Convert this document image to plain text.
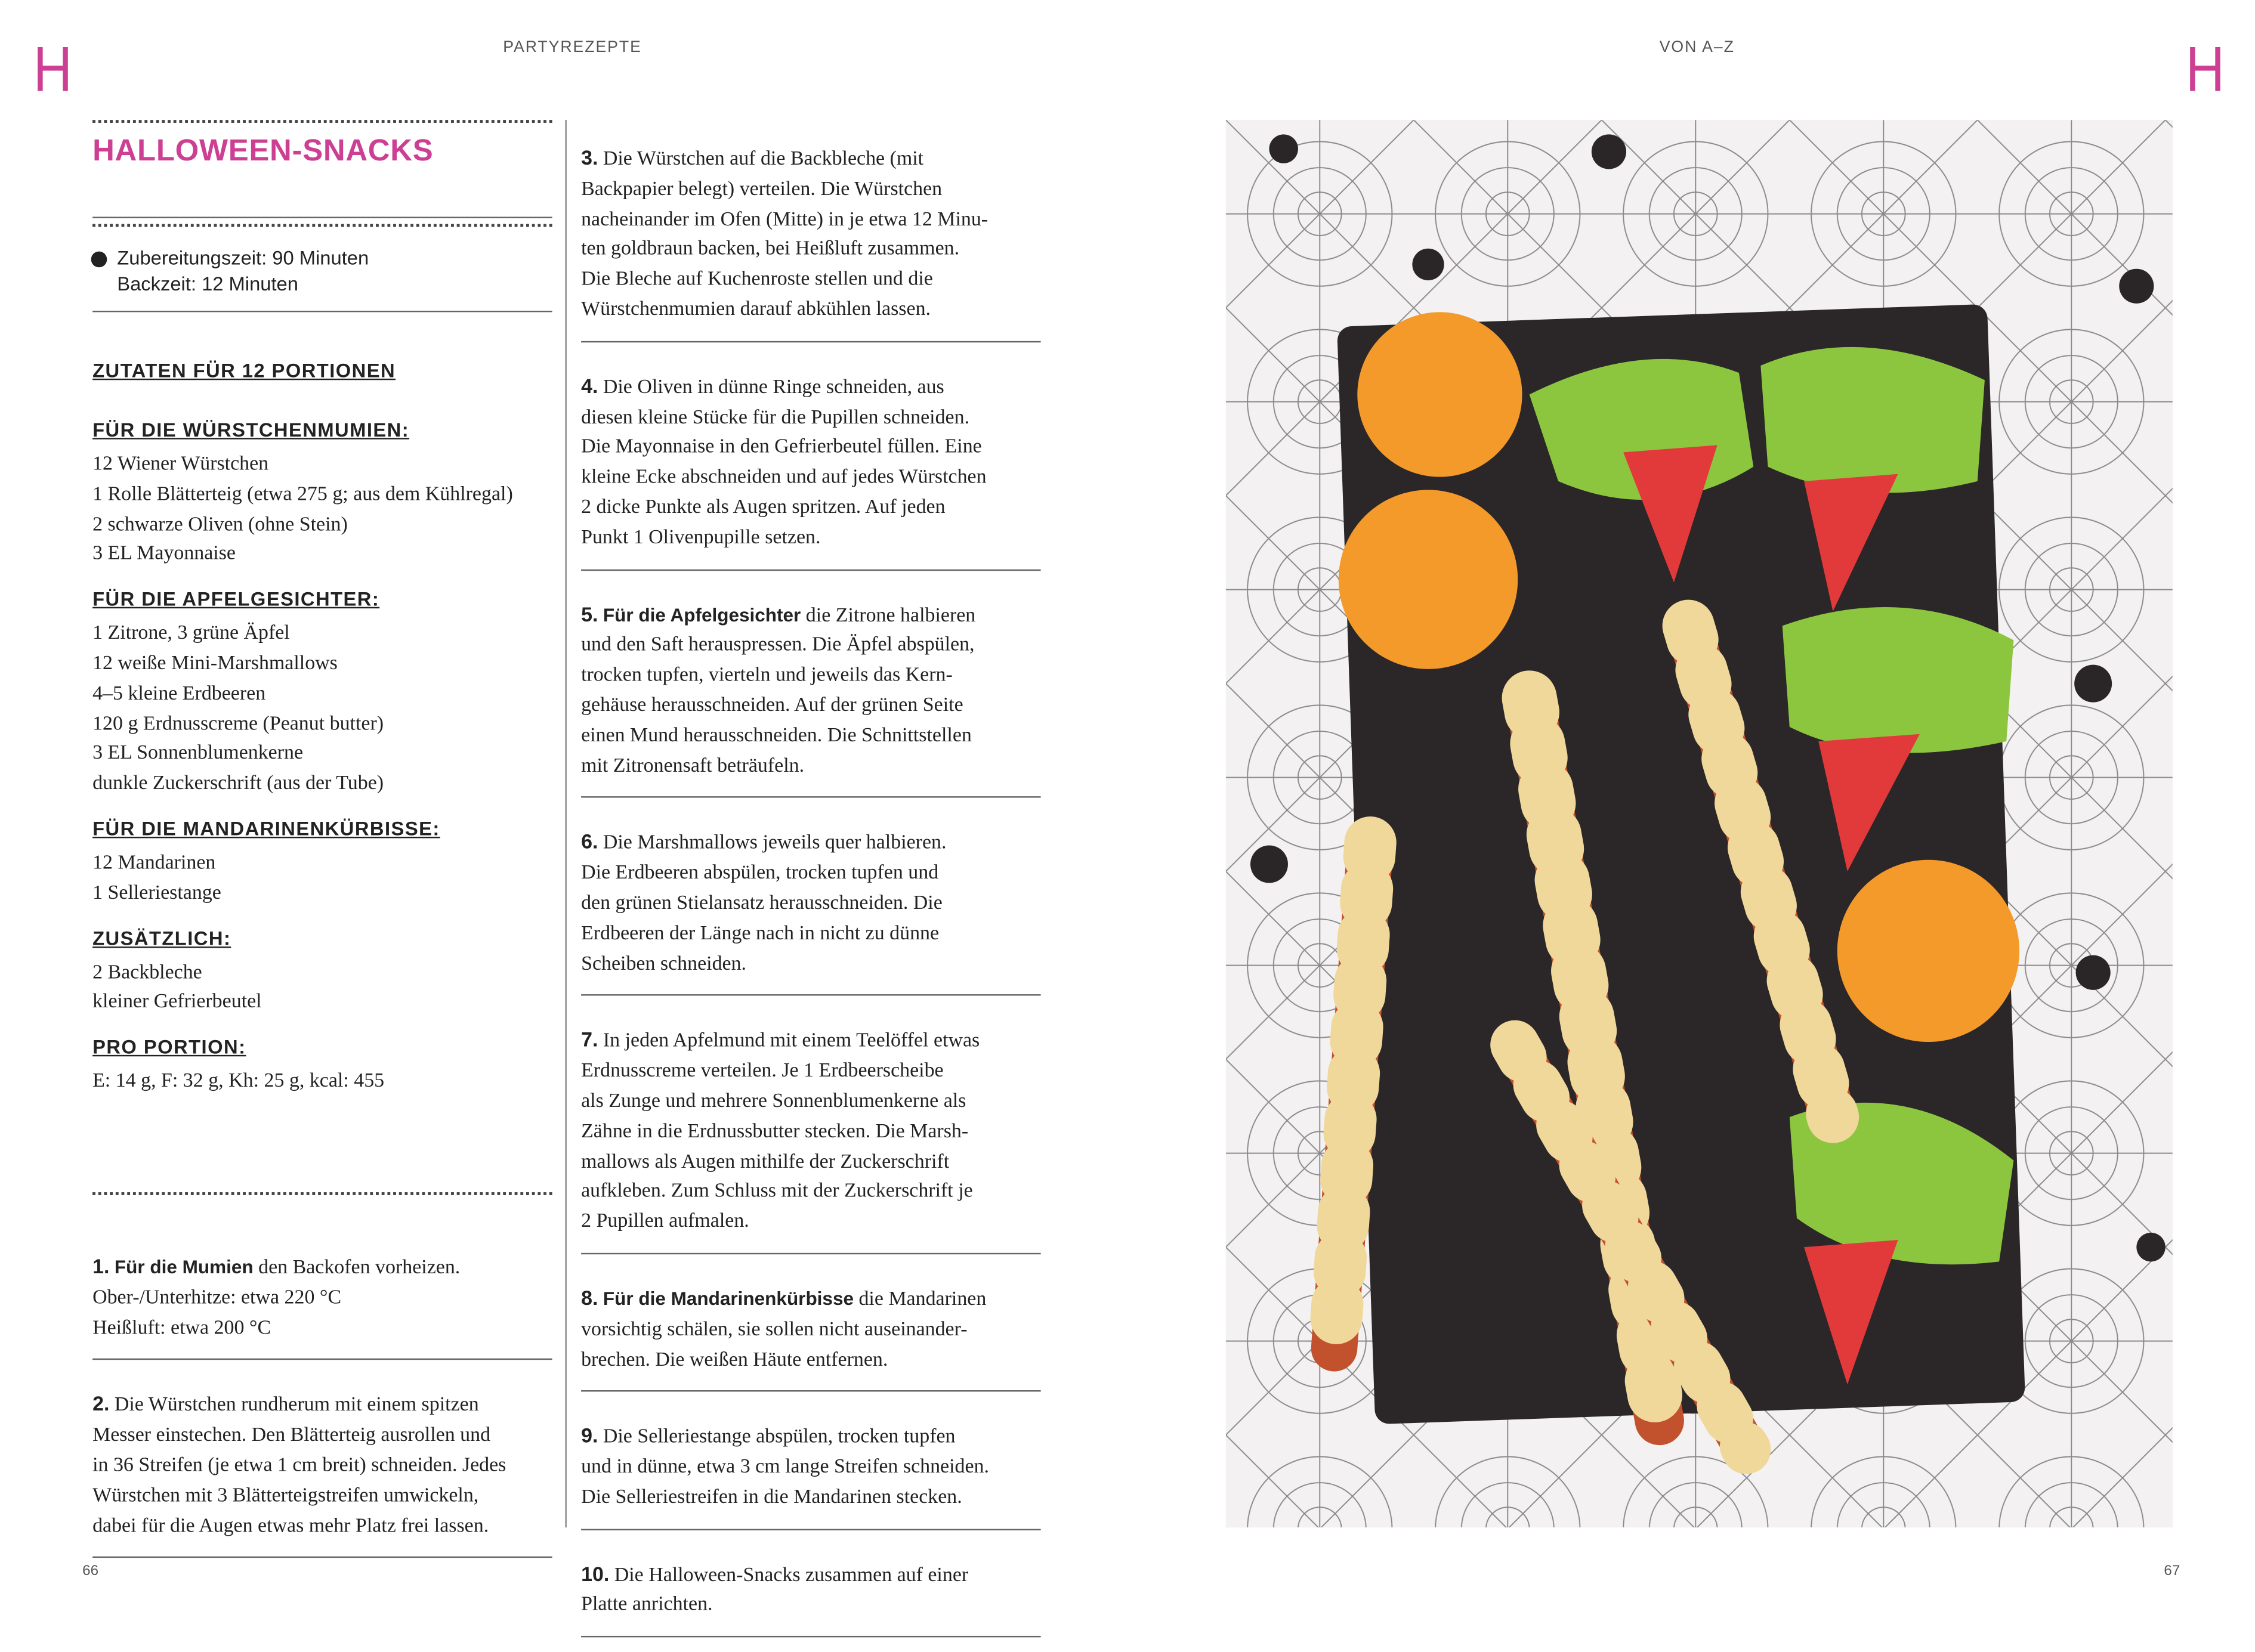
H	H
PARTYREZEPTE	VON A–Z
HALLOWEEN-SNACKS
Zubereitungszeit: 90 Minuten
Backzeit: 12 Minuten
ZUTATEN FÜR 12 PORTIONEN
FÜR DIE WÜRSTCHENMUMIEN:
12 Wiener Würstchen
1 Rolle Blätterteig (etwa 275 g; aus dem Kühlregal)
2 schwarze Oliven (ohne Stein)
3 EL Mayonnaise
FÜR DIE APFELGESICHTER:
1 Zitrone, 3 grüne Äpfel
12 weiße Mini-Marshmallows
4–5 kleine Erdbeeren
120 g Erdnusscreme (Peanut butter)
3 EL Sonnenblumenkerne
dunkle Zuckerschrift (aus der Tube)
FÜR DIE MANDARINENKÜRBISSE:
12 Mandarinen
1 Selleriestange
ZUSÄTZLICH:
2 Backbleche
kleiner Gefrierbeutel
PRO PORTION:
E: 14 g, F: 32 g, Kh: 25 g, kcal: 455
1. Für die Mumien den Backofen vorheizen.
Ober-/Unterhitze: etwa 220 °C
Heißluft: etwa 200 °C
2. Die Würstchen rundherum mit einem spitzen
Messer einstechen. Den Blätterteig ausrollen und
in 36 Streifen (je etwa 1 cm breit) schneiden. Jedes
Würstchen mit 3 Blätterteigstreifen umwickeln,
dabei für die Augen etwas mehr Platz frei lassen.
3. Die Würstchen auf die Backbleche (mit
Backpapier belegt) verteilen. Die Würstchen
nacheinander im Ofen (Mitte) in je etwa 12 Minu-
ten goldbraun backen, bei Heißluft zusammen.
Die Bleche auf Kuchenroste stellen und die
Würstchenmumien darauf abkühlen lassen.
4. Die Oliven in dünne Ringe schneiden, aus
diesen kleine Stücke für die Pupillen schneiden.
Die Mayonnaise in den Gefrierbeutel füllen. Eine
kleine Ecke abschneiden und auf jedes Würstchen
2 dicke Punkte als Augen spritzen. Auf jeden
Punkt 1 Olivenpupille setzen.
5. Für die Apfelgesichter die Zitrone halbieren
und den Saft herauspressen. Die Äpfel abspülen,
trocken tupfen, vierteln und jeweils das Kern-
gehäuse herausschneiden. Auf der grünen Seite
einen Mund herausschneiden. Die Schnittstellen
mit Zitronensaft beträufeln.
6. Die Marshmallows jeweils quer halbieren.
Die Erdbeeren abspülen, trocken tupfen und
den grünen Stielansatz herausschneiden. Die
Erdbeeren der Länge nach in nicht zu dünne
Scheiben schneiden.
7. In jeden Apfelmund mit einem Teelöffel etwas
Erdnusscreme verteilen. Je 1 Erdbeerscheibe
als Zunge und mehrere Sonnenblumenkerne als
Zähne in die Erdnussbutter stecken. Die Marsh-
mallows als Augen mithilfe der Zuckerschrift
aufkleben. Zum Schluss mit der Zuckerschrift je
2 Pupillen aufmalen.
8. Für die Mandarinenkürbisse die Mandarinen
vorsichtig schälen, sie sollen nicht auseinander-
brechen. Die weißen Häute entfernen.
9. Die Selleriestange abspülen, trocken tupfen
und in dünne, etwa 3 cm lange Streifen schneiden.
Die Selleriestreifen in die Mandarinen stecken.
10. Die Halloween-Snacks zusammen auf einer
Platte anrichten.
66	67
